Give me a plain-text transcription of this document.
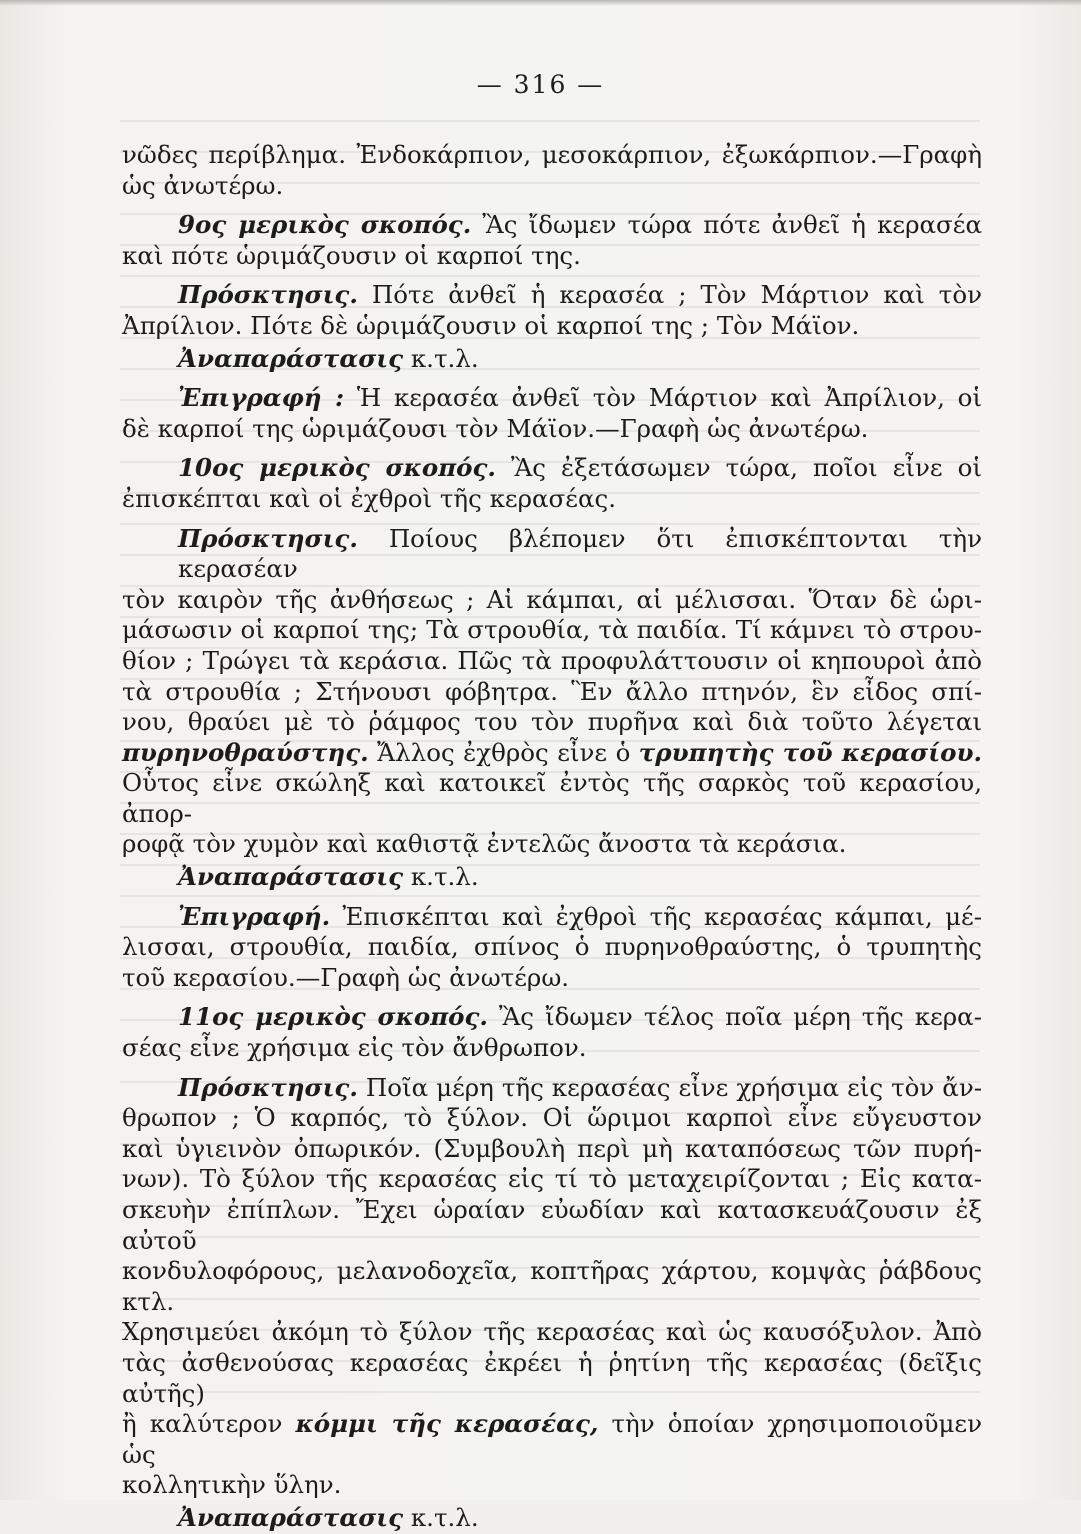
— 316 —
νῶδες περίβλημα. Ἐνδοκάρπιον, μεσοκάρπιον, ἐξωκάρπιον.—Γραφὴ
ὡς ἀνωτέρω.
9ος μερικὸς σκοπός. Ἂς ἴδωμεν τώρα πότε ἀνθεῖ ἡ κερασέα
καὶ πότε ὡριμάζουσιν οἱ καρποί της.
Πρόσκτησις. Πότε ἀνθεῖ ἡ κερασέα ; Τὸν Μάρτιον καὶ τὸν
Ἀπρίλιον. Πότε δὲ ὡριμάζουσιν οἱ καρποί της ; Τὸν Μάϊον.
Ἀναπαράστασις κ.τ.λ.
Ἐπιγραφή : Ἡ κερασέα ἀνθεῖ τὸν Μάρτιον καὶ Ἀπρίλιον, οἱ
δὲ καρποί της ὡριμάζουσι τὸν Μάϊον.—Γραφὴ ὡς ἀνωτέρω.
10ος μερικὸς σκοπός. Ἂς ἐξετάσωμεν τώρα, ποῖοι εἶνε οἱ
ἐπισκέπται καὶ οἱ ἐχθροὶ τῆς κερασέας.
Πρόσκτησις. Ποίους βλέπομεν ὅτι ἐπισκέπτονται τὴν κερασέαν
τὸν καιρὸν τῆς ἀνθήσεως ; Αἱ κάμπαι, αἱ μέλισσαι. Ὅταν δὲ ὡρι-
μάσωσιν οἱ καρποί της; Τὰ στρουθία, τὰ παιδία. Τί κάμνει τὸ στρου-
θίον ; Τρώγει τὰ κεράσια. Πῶς τὰ προφυλάττουσιν οἱ κηπουροὶ ἀπὸ
τὰ στρουθία ; Στήνουσι φόβητρα. Ἓν ἄλλο πτηνόν, ἓν εἶδος σπί-
νου, θραύει μὲ τὸ ῥάμφος του τὸν πυρῆνα καὶ διὰ τοῦτο λέγεται
πυρηνοθραύστης. Ἄλλος ἐχθρὸς εἶνε ὁ τρυπητὴς τοῦ κερασίου.
Οὗτος εἶνε σκώληξ καὶ κατοικεῖ ἐντὸς τῆς σαρκὸς τοῦ κερασίου, ἀπορ-
ροφᾷ τὸν χυμὸν καὶ καθιστᾷ ἐντελῶς ἄνοστα τὰ κεράσια.
Ἀναπαράστασις κ.τ.λ.
Ἐπιγραφή. Ἐπισκέπται καὶ ἐχθροὶ τῆς κερασέας κάμπαι, μέ-
λισσαι, στρουθία, παιδία, σπίνος ὁ πυρηνοθραύστης, ὁ τρυπητὴς
τοῦ κερασίου.—Γραφὴ ὡς ἀνωτέρω.
11ος μερικὸς σκοπός. Ἂς ἴδωμεν τέλος ποῖα μέρη τῆς κερα-
σέας εἶνε χρήσιμα εἰς τὸν ἄνθρωπον.
Πρόσκτησις. Ποῖα μέρη τῆς κερασέας εἶνε χρήσιμα εἰς τὸν ἄν-
θρωπον ; Ὁ καρπός, τὸ ξύλον. Οἱ ὥριμοι καρποὶ εἶνε εὔγευστον
καὶ ὑγιεινὸν ὀπωρικόν. (Συμβουλὴ περὶ μὴ καταπόσεως τῶν πυρή-
νων). Τὸ ξύλον τῆς κερασέας εἰς τί τὸ μεταχειρίζονται ; Εἰς κατα-
σκευὴν ἐπίπλων. Ἔχει ὡραίαν εὐωδίαν καὶ κατασκευάζουσιν ἐξ αὐτοῦ
κονδυλοφόρους, μελανοδοχεῖα, κοπτῆρας χάρτου, κομψὰς ῥάβδους κτλ.
Χρησιμεύει ἀκόμη τὸ ξύλον τῆς κερασέας καὶ ὡς καυσόξυλον. Ἀπὸ
τὰς ἀσθενούσας κερασέας ἐκρέει ἡ ῥητίνη τῆς κερασέας (δεῖξις αὐτῆς)
ἢ καλύτερον κόμμι τῆς κερασέας, τὴν ὁποίαν χρησιμοποιοῦμεν ὡς
κολλητικὴν ὕλην.
Ἀναπαράστασις κ.τ.λ.
